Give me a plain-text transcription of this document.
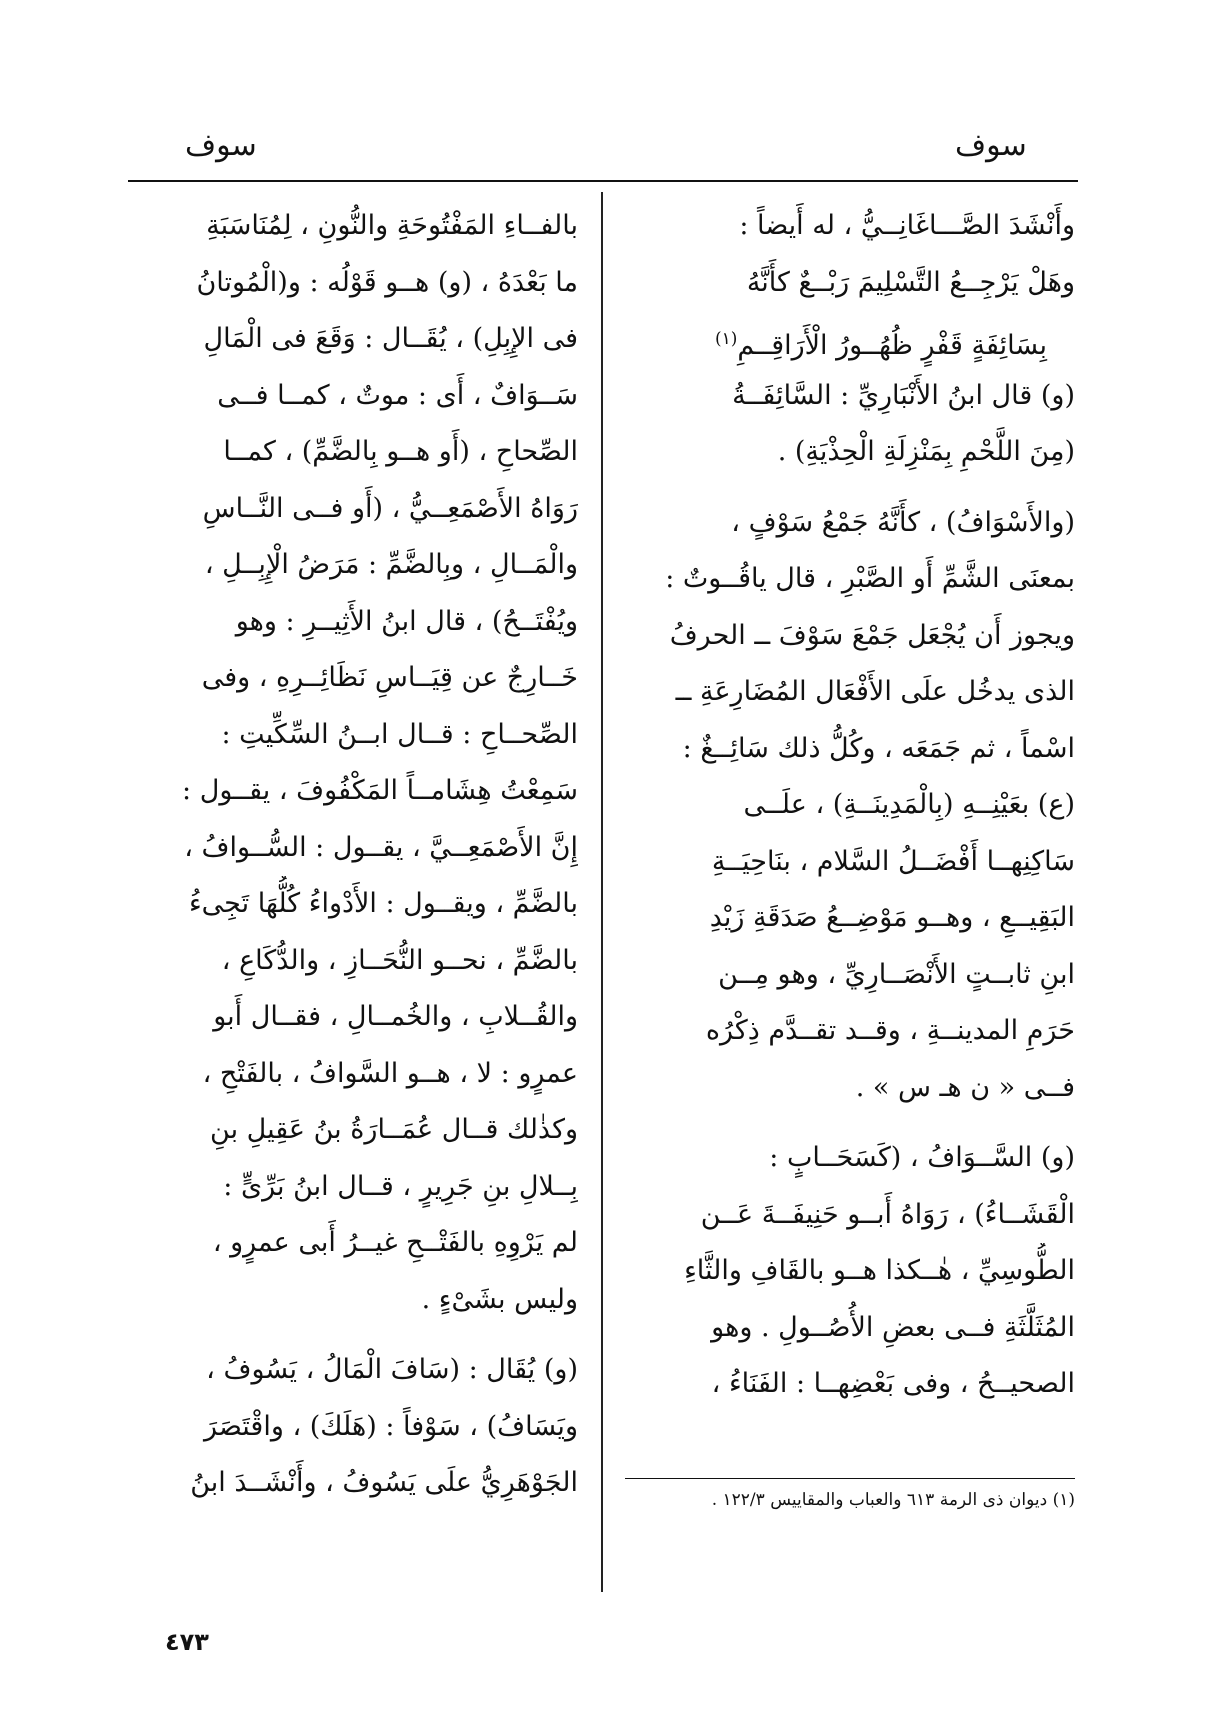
سوف
سوف
وأَنْشَدَ الصَّـــاغَانِــيُّ ، له أَيضاً :
وهَلْ يَرْجِــعُ التَّسْلِيمَ رَبْــعٌ كأَنَّهُ
بِسَائِفَةٍ قَفْرٍ ظُهُــورُ الْأَرَاقِــمِ$^{(١)}$
(و) قال ابنُ الأَنْبَارِيِّ : السَّائِفَــةُ
(مِنَ اللَّحْمِ بِمَنْزِلَةِ الْحِذْيَةِ) .
(والأَسْوَافُ) ، كأَنَّهُ جَمْعُ سَوْفٍ ،
بمعنَى الشَّمِّ أَو الصَّبْرِ ، قال ياقُــوتٌ :
ويجوز أَن يُجْعَل جَمْعَ سَوْفَ ــ الحرفُ
الذى يدخُل علَى الأَفْعَال المُضَارِعَةِ ــ
اسْماً ، ثم جَمَعَه ، وكُلُّ ذلك سَائِــغٌ :
(ع) بعَيْنِــهِ (بِالْمَدِينَــةِ) ، علَــى
سَاكِنِهــا أَفْضَــلُ السَّلام ، بنَاحِيَــةِ
البَقِيــعِ ، وهــو مَوْضِــعُ صَدَقَةِ زَيْدِ
ابنِ ثابــتٍ الأَنْصَــارِيِّ ، وهو مِــن
حَرَمِ المدينــةِ ، وقــد تقــدَّم ذِكْرُه
فــى « ن هـ س » .
(و) السَّــوَافُ ، (كَسَحَــابٍ :
الْقَشَــاءُ) ، رَوَاهُ أَبــو حَنِيفَــةَ عَــن
الطُّوسِيِّ ، هٰــكذا هــو بالقَافِ والثَّاءِ
المُثَلَّثَةِ فــى بعضِ الأُصُــولِ . وهو
الصحيــحُ ، وفى بَعْضِهــا : الفَنَاءُ ،
(١) ديوان ذى الرمة ٦١٣ والعباب والمقاييس ١٢٢/٣ .
بالفــاءِ المَفْتُوحَةِ والنُّونِ ، لِمُنَاسَبَةِ
ما بَعْدَهُ ، (و) هــو قَوْلُه : و(الْمُوتانُ
فى الإِبِلِ) ، يُقَــال : وَقَعَ فى الْمَالِ
سَــوَافٌ ، أَى : موتٌ ، كمــا فــى
الصِّحاحِ ، (أَو هــو بِالضَّمِّ) ، كمــا
رَوَاهُ الأَصْمَعِــيُّ ، (أَو فــى النَّــاسِ
والْمَــالِ ، وبِالضَّمِّ : مَرَضُ الْإِبِــلِ ،
ويُفْتَــحُ) ، قال ابنُ الأَثِيــرِ : وهو
خَــارِجٌ عن قِيَــاسِ نَظَائِــرِهِ ، وفى
الصِّحــاحِ : قــال ابــنُ السِّكِّيتِ :
سَمِعْتُ هِشَامــاً المَكْفُوفَ ، يقــول :
إِنَّ الأَصْمَعِــيَّ ، يقــول : السُّــوافُ ،
بالضَّمِّ ، ويقــول : الأَدْواءُ كُلُّهَا تَجِىءُ
بالضَّمِّ ، نحــو النُّحَــازِ ، والدُّكَاعِ ،
والقُــلابِ ، والخُمــالِ ، فقــال أَبو
عمرٍو : لا ، هــو السَّوافُ ، بالفَتْحِ ،
وكذٰلك قــال عُمَــارَةُ بنُ عَقِيلِ بنِ
بِــلالِ بنِ جَرِيرٍ ، قــال ابنُ بَرِّىٍّ :
لم يَرْوِهِ بالفَتْــحِ غيــرُ أَبى عمرٍو ،
وليس بشَىْءٍ .
(و) يُقَال : (سَافَ الْمَالُ ، يَسُوفُ ،
ويَسَافُ) ، سَوْفاً : (هَلَكَ) ، واقْتَصَرَ
الجَوْهَرِيُّ علَى يَسُوفُ ، وأَنْشَــدَ ابنُ
٤٧٣
